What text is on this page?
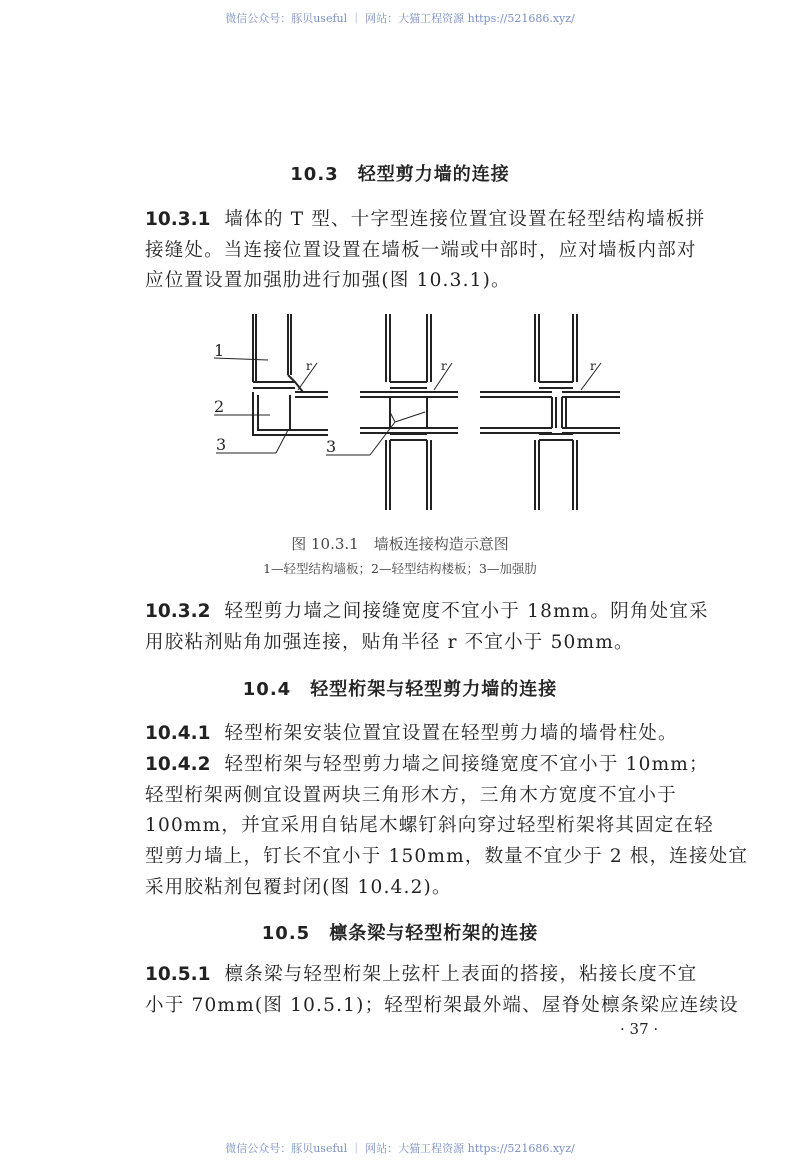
微信公众号：豚贝useful ｜ 网站：大猫工程资源 https://521686.xyz/
10.3　轻型剪力墙的连接
10.3.1 墙体的 T 型、十字型连接位置宜设置在轻型结构墙板拼
接缝处。当连接位置设置在墙板一端或中部时，应对墙板内部对
应位置设置加强肋进行加强(图 10.3.1)。
1
2
3
r
3
r	r
图 10.3.1　墙板连接构造示意图
1—轻型结构墙板；2—轻型结构楼板；3—加强肋
10.3.2 轻型剪力墙之间接缝宽度不宜小于 18mm。阴角处宜采
用胶粘剂贴角加强连接，贴角半径 r 不宜小于 50mm。
10.4　轻型桁架与轻型剪力墙的连接
10.4.1 轻型桁架安装位置宜设置在轻型剪力墙的墙骨柱处。
10.4.2 轻型桁架与轻型剪力墙之间接缝宽度不宜小于 10mm；
轻型桁架两侧宜设置两块三角形木方，三角木方宽度不宜小于
100mm，并宜采用自钻尾木螺钉斜向穿过轻型桁架将其固定在轻
型剪力墙上，钉长不宜小于 150mm，数量不宜少于 2 根，连接处宜
采用胶粘剂包覆封闭(图 10.4.2)。
10.5　檩条梁与轻型桁架的连接
10.5.1 檩条梁与轻型桁架上弦杆上表面的搭接，粘接长度不宜
小于 70mm(图 10.5.1)；轻型桁架最外端、屋脊处檩条梁应连续设
· 37 ·
微信公众号：豚贝useful ｜ 网站：大猫工程资源 https://521686.xyz/
